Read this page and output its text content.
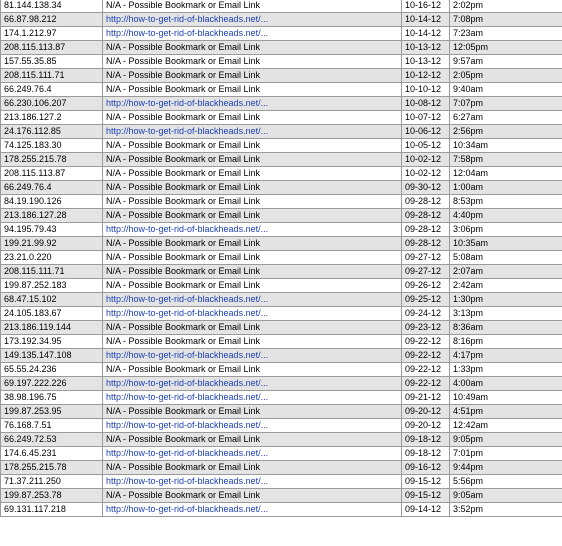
81.144.138.34	N/A - Possible Bookmark or Email Link	10-16-12	2:02pm
66.87.98.212	http://how-to-get-rid-of-blackheads.net/...	10-14-12	7:08pm
174.1.212.97	http://how-to-get-rid-of-blackheads.net/...	10-14-12	7:23am
208.115.113.87	N/A - Possible Bookmark or Email Link	10-13-12	12:05pm
157.55.35.85	N/A - Possible Bookmark or Email Link	10-13-12	9:57am
208.115.111.71	N/A - Possible Bookmark or Email Link	10-12-12	2:05pm
66.249.76.4	N/A - Possible Bookmark or Email Link	10-10-12	9:40am
66.230.106.207	http://how-to-get-rid-of-blackheads.net/...	10-08-12	7:07pm
213.186.127.2	N/A - Possible Bookmark or Email Link	10-07-12	6:27am
24.176.112.85	http://how-to-get-rid-of-blackheads.net/...	10-06-12	2:56pm
74.125.183.30	N/A - Possible Bookmark or Email Link	10-05-12	10:34am
178.255.215.78	N/A - Possible Bookmark or Email Link	10-02-12	7:58pm
208.115.113.87	N/A - Possible Bookmark or Email Link	10-02-12	12:04am
66.249.76.4	N/A - Possible Bookmark or Email Link	09-30-12	1:00am
84.19.190.126	N/A - Possible Bookmark or Email Link	09-28-12	8:53pm
213.186.127.28	N/A - Possible Bookmark or Email Link	09-28-12	4:40pm
94.195.79.43	http://how-to-get-rid-of-blackheads.net/...	09-28-12	3:06pm
199.21.99.92	N/A - Possible Bookmark or Email Link	09-28-12	10:35am
23.21.0.220	N/A - Possible Bookmark or Email Link	09-27-12	5:08am
208.115.111.71	N/A - Possible Bookmark or Email Link	09-27-12	2:07am
199.87.252.183	N/A - Possible Bookmark or Email Link	09-26-12	2:42am
68.47.15.102	http://how-to-get-rid-of-blackheads.net/...	09-25-12	1:30pm
24.105.183.67	http://how-to-get-rid-of-blackheads.net/...	09-24-12	3:13pm
213.186.119.144	N/A - Possible Bookmark or Email Link	09-23-12	8:36am
173.192.34.95	N/A - Possible Bookmark or Email Link	09-22-12	8:16pm
149.135.147.108	http://how-to-get-rid-of-blackheads.net/...	09-22-12	4:17pm
65.55.24.236	N/A - Possible Bookmark or Email Link	09-22-12	1:33pm
69.197.222.226	http://how-to-get-rid-of-blackheads.net/...	09-22-12	4:00am
38.98.196.75	http://how-to-get-rid-of-blackheads.net/...	09-21-12	10:49am
199.87.253.95	N/A - Possible Bookmark or Email Link	09-20-12	4:51pm
76.168.7.51	http://how-to-get-rid-of-blackheads.net/...	09-20-12	12:42am
66.249.72.53	N/A - Possible Bookmark or Email Link	09-18-12	9:05pm
174.6.45.231	http://how-to-get-rid-of-blackheads.net/...	09-18-12	7:01pm
178.255.215.78	N/A - Possible Bookmark or Email Link	09-16-12	9:44pm
71.37.211.250	http://how-to-get-rid-of-blackheads.net/...	09-15-12	5:56pm
199.87.253.78	N/A - Possible Bookmark or Email Link	09-15-12	9:05am
69.131.117.218	http://how-to-get-rid-of-blackheads.net/...	09-14-12	3:52pm
